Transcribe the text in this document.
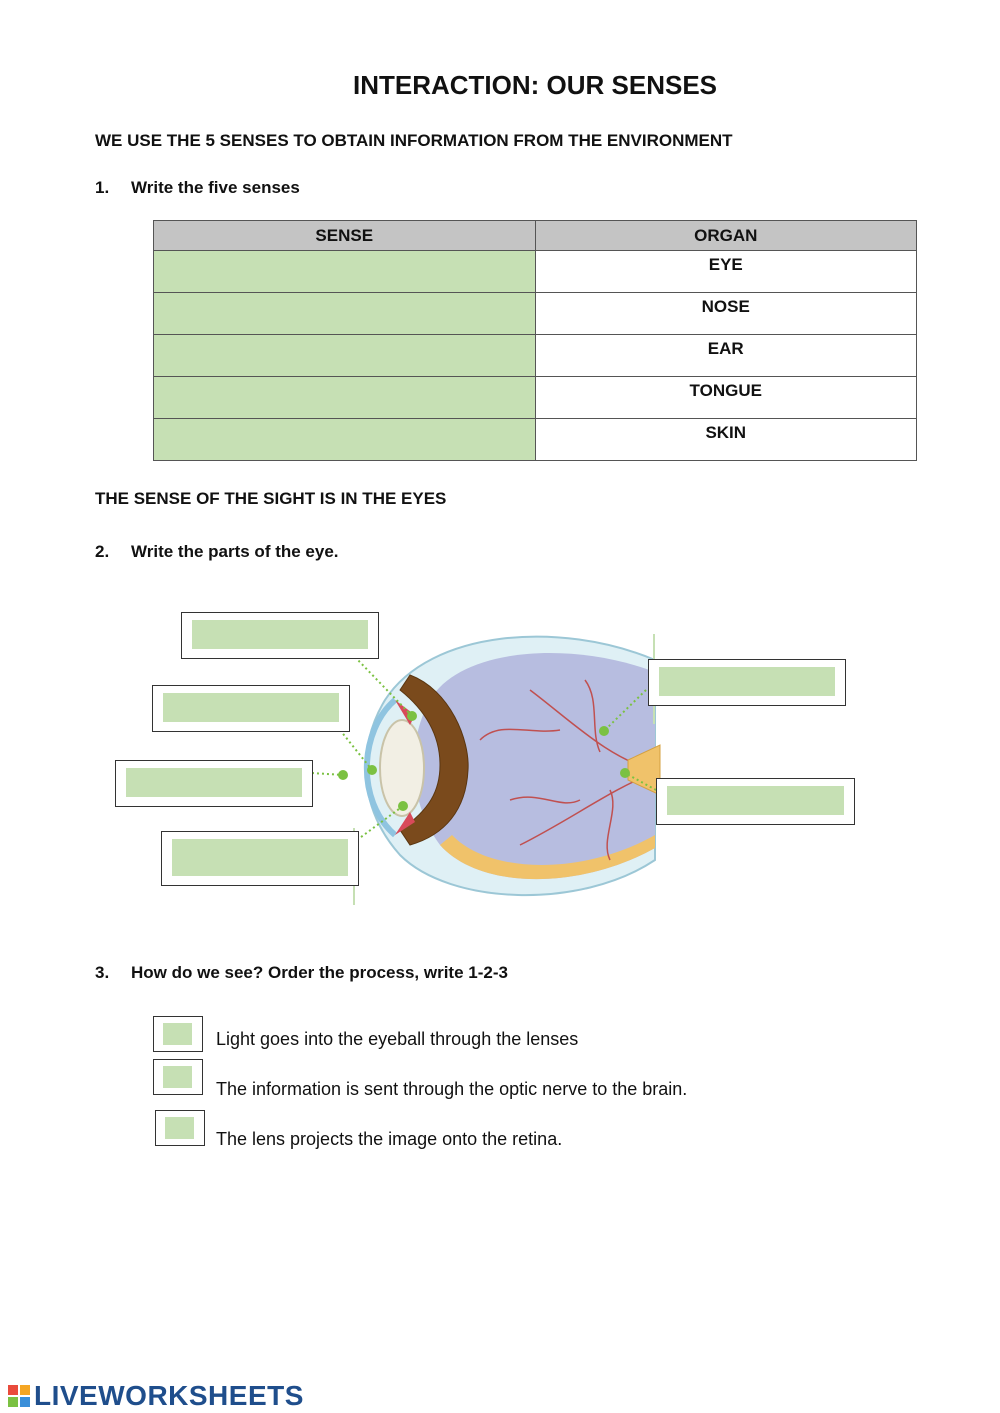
INTERACTION: OUR SENSES
WE USE THE 5 SENSES TO OBTAIN INFORMATION FROM THE ENVIRONMENT
1. Write the five senses
SENSE	ORGAN
	EYE
	NOSE
	EAR
	TONGUE
	SKIN
THE SENSE OF THE SIGHT IS IN THE EYES
2. Write the parts of the eye.
3. How do we see? Order the process, write 1-2-3
Light goes into the eyeball through the lenses
The information is sent through the optic nerve to the brain.
The lens projects the image onto the retina.
LIVEWORKSHEETS
